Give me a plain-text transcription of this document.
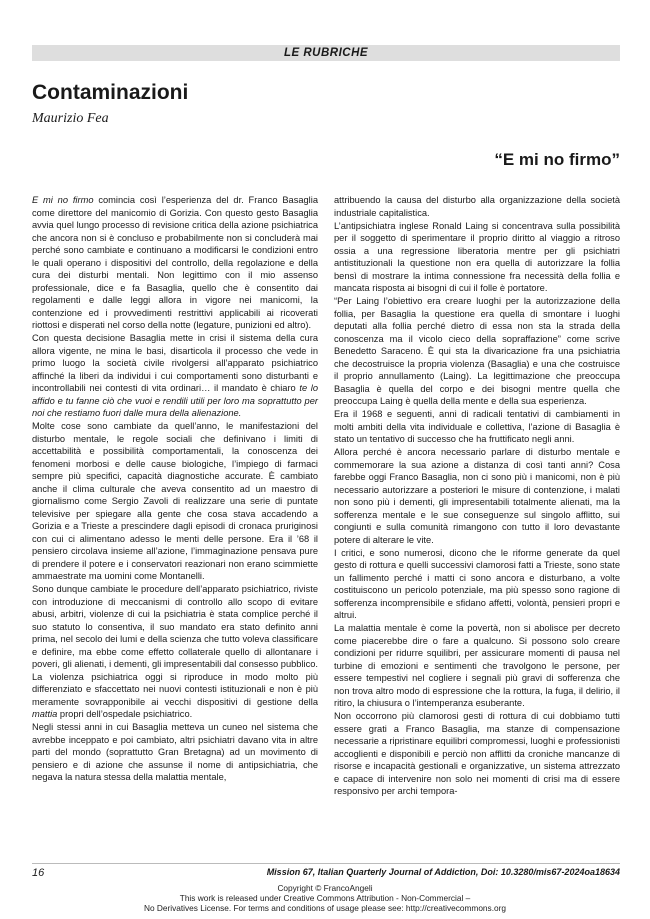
LE RUBRICHE
Contaminazioni
Maurizio Fea
“E mi no firmo”

E mi no firmo comincia così l’esperienza del dr. Franco Basaglia come direttore del manicomio di Gorizia. Con questo gesto Basaglia avvia quel lungo processo di revisione critica della azione psichiatrica che ancora non si è concluso e probabilmente non si concluderà mai perché sono cambiate e continuano a modificarsi le condizioni entro le quali operano i dispositivi del controllo, della regolazione e della cura dei disturbi mentali. Non legittimo con il mio assenso professionale, dice e fa Basaglia, quello che è consentito dai regolamenti e dalle leggi allora in vigore nei manicomi, la contenzione ed i provvedimenti restrittivi applicabili ai ricoverati riottosi e disperati nel corso della notte (legature, punizioni ed altro).

Con questa decisione Basaglia mette in crisi il sistema della cura allora vigente, ne mina le basi, disarticola il processo che vede in primo luogo la società civile rivolgersi all’apparato psichiatrico affinché la liberi da individui i cui comportamenti sono disturbanti e incontrollabili nei contesti di vita ordinari… il mandato è chiaro te lo affido e tu fanne ciò che vuoi e rendili utili per loro ma soprattutto per noi che restiamo fuori dalle mura della alienazione.

Molte cose sono cambiate da quell’anno, le manifestazioni del disturbo mentale, le regole sociali che definivano i limiti di accettabilità e possibilità comportamentali, la conoscenza dei fenomeni morbosi e delle cause biologiche, l’impiego di farmaci sempre più specifici, capacità diagnostiche accurate. È cambiato anche il clima culturale che aveva consentito ad un maestro di giornalismo come Sergio Zavoli di realizzare una serie di puntate televisive per spiegare alla gente che cosa stava accadendo a Gorizia e a Trieste a prescindere dagli episodi di cronaca pruriginosi con cui ci alimentano adesso le menti delle persone. Era il ’68 il pensiero circolava insieme all’azione, l’immaginazione pensava pure di prendere il potere e i conservatori reazionari non erano scimmiette ammaestrate ma uomini come Montanelli.

Sono dunque cambiate le procedure dell’apparato psichiatrico, riviste con introduzione di meccanismi di controllo allo scopo di evitare abusi, arbitri, violenze di cui la psichiatria è stata complice perché il suo statuto lo consentiva, il suo mandato era stato definito anni prima, nel secolo dei lumi e della scienza che tutto voleva classificare e definire, ma ebbe come effetto collaterale quello di allontanare i poveri, gli alienati, i dementi, gli impresentabili dal consesso pubblico. La violenza psichiatrica oggi si riproduce in modo molto più differenziato e sfaccettato nei nuovi contesti istituzionali e non è più meramente sovrapponibile ai vecchi dispositivi di gestione della mattia propri dell’ospedale psichiatrico.

Negli stessi anni in cui Basaglia metteva un cuneo nel sistema che avrebbe inceppato e poi cambiato, altri psichiatri davano vita in altre parti del mondo (soprattutto Gran Bretagna) ad un movimento di pensiero e di azione che assunse il nome di antipsichiatria, che negava la natura stessa della malattia mentale,

attribuendo la causa del disturbo alla organizzazione della società industriale capitalistica.

L’antipsichiatra inglese Ronald Laing si concentrava sulla possibilità per il soggetto di sperimentare il proprio diritto al viaggio a ritroso ossia a una regressione liberatoria mentre per gli psichiatri antistituzionali la questione non era quella di autorizzare la follia bensì di mostrare la intima connessione fra necessità della follia e mancata risposta ai bisogni di cui il folle è portatore.

“Per Laing l’obiettivo era creare luoghi per la autorizzazione della follia, per Basaglia la questione era quella di smontare i luoghi deputati alla follia perché dietro di essa non sta la strada della conoscenza ma il vicolo cieco della sopraffazione” come scrive Benedetto Saraceno. È qui sta la divaricazione fra una psichiatria che decostruisce la propria violenza (Basaglia) e una che costruisce il proprio annullamento (Laing). La legittimazione che preoccupa Basaglia è quella del corpo e dei bisogni mentre quella che preoccupa Laing è quella della mente e della sua esperienza.

Era il 1968 e seguenti, anni di radicali tentativi di cambiamenti in molti ambiti della vita individuale e collettiva, l’azione di Basaglia è stato un tentativo di successo che ha fruttificato negli anni.

Allora perché è ancora necessario parlare di disturbo mentale e commemorare la sua azione a distanza di così tanti anni? Cosa farebbe oggi Franco Basaglia, non ci sono più i manicomi, non è più necessario autorizzare a posteriori le misure di contenzione, i malati non sono più i dementi, gli impresentabili totalmente alienati, ma la sofferenza mentale e le sue conseguenze sul singolo afflitto, sui congiunti e sulla comunità rimangono con tutto il loro devastante potere di alterare le vite.

I critici, e sono numerosi, dicono che le riforme generate da quel gesto di rottura e quelli successivi clamorosi fatti a Trieste, sono state un fallimento perché i matti ci sono ancora e disturbano, a volte costituiscono un pericolo potenziale, ma più spesso sono ragione di sofferenza incomprensibile e sfidano affetti, volontà, pensieri propri e altrui.

La malattia mentale è come la povertà, non si abolisce per decreto come piacerebbe dire o fare a qualcuno. Si possono solo creare condizioni per ridurre squilibri, per assicurare momenti di pausa nel turbine di emozioni e sentimenti che travolgono le persone, per essere tempestivi nel cogliere i segnali più gravi di sofferenza che non trova altro modo di espressione che la rottura, la fuga, il delirio, il ritiro, la chiusura o l’intemperanza esuberante.

Non occorrono più clamorosi gesti di rottura di cui dobbiamo tutti essere grati a Franco Basaglia, ma stanze di compensazione necessarie a ripristinare equilibri compromessi, luoghi e professionisti accoglienti e disponibili e perciò non afflitti da croniche mancanze di risorse e incapacità gestionali e organizzative, un sistema attrezzato e capace di intervenire non solo nei momenti di crisi ma di essere responsivo per archi tempora-

16	Mission 67, Italian Quarterly Journal of Addiction, Doi: 10.3280/mis67-2024oa18634
Copyright © FrancoAngeli
This work is released under Creative Commons Attribution - Non-Commercial –
No Derivatives License. For terms and conditions of usage please see: http://creativecommons.org
